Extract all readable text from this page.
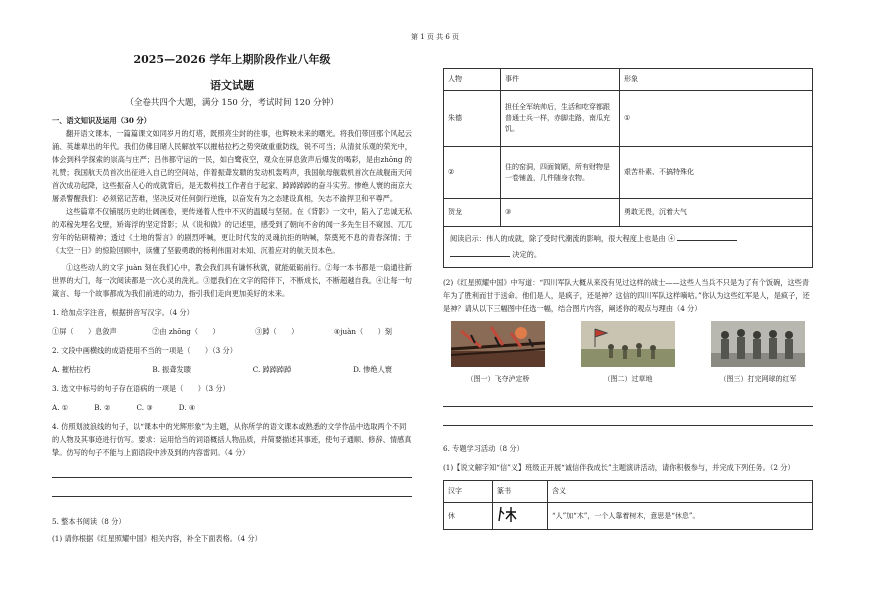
第 1 页 共 6 页
2025—2026 学年上期阶段作业八年级
语文试题
（全卷共四个大题，满分 150 分，考试时间 120 分钟）
一、语文知识及运用（30 分）

翻开语文课本，一篇篇课文如同岁月的灯塔，既照亮尘封的往事，也辉映未来的曙光。将我们带回那个风起云涌、英雄辈出的年代。我们仿佛目睹人民解放军以摧枯拉朽之势突破重重防线，锐不可当；从清贫乐观的荣光中，体会到科学探索的崇高与庄严；吕伟都守运的一民，如白鹭夜空，观众在屏息敛声后爆发的喝彩，是由zhōng 的礼赞；我国航天员首次出征进入自己的空间站，伴着振聋发聩的发动机轰鸣声，我国航母舰载机首次在战舰南天问首次成功起降，这些振奋人心的成就背后，是无数科技工作者自于起家、踔踔踔踔的奋斗实劳。惨绝人寰的南京大屠杀警醒我们：必须铭记苦难，坚决反对任何倒行逆施，以奋发有为之态建设真相，矢志不渝捍卫和平尊严。

这些篇章不仅铺展历史的壮阔画卷，更传递着人性中不灭的温暖与坚韧。在《背影》一文中，陷入了忠诚无私的邓稼先埋名戈壁，矫诲浮的坚定背影；从《说和做》的记述里，感受到了朝向不舍的闻一多先生目不窥园、兀兀穷年的钻研精神；透过《土地的誓言》的剧烈呼喊，更让时代发的灵魂抗拒的呐喊，祭奠死不息的青春深情；于《太空一日》的惊险回顾中，读懂了坚毅勇敢的杨利伟面对未知、沉着应对的航天员本色。

①这些动人的文字 juàn 刻在我们心中，教会我们具有谦怀秋就，就能砥砺前行。②每一本书都是一扇通往新世界的大门，每一次阅读都是一次心灵的洗礼。③愿我们在文字的陪伴下，不断成长，不断超越自我。④让每一句箴言、每一个故事都成为我们前进的动力，指引我们走向更加美好的未来。

1. 给加点字注音，根据拼音写汉字。（4 分）
①屏（　　）息敛声	②由 zhōng（　　）	③踔（　　）	④juàn（　　）刻
2. 文段中画横线的成语使用不当的一项是（　　）（3 分）
A. 摧枯拉朽	B. 振聋发聩	C. 踔踔踔踔	D. 惨绝人寰
3. 选文中标号的句子存在语病的一项是（　　）（3 分）
A. ①	B. ②	C. ③	D. ④
4. 仿照划波浪线的句子，以“课本中的光辉形象”为主题，从你所学的语文课本或熟悉的文学作品中选取两个不同的人物及其事迹进行仿写。要求：运用恰当的词语概括人物品质，并简要描述其事迹，使句子通顺、修辞、情感真挚。仿写的句子不能与上面语段中涉及到的内容雷同。（4 分）
5. 整本书阅读（8 分）
(1) 请你根据《红星照耀中国》相关内容，补全下面表格。（4 分）
人物	事件	形象
朱德	担任全军统帅后，生活和吃穿都跟普通士兵一样，赤脚走路，南瓜充饥。	①
②	住的窑洞，四面简陋，所有财物是一卷铺盖，几件随身衣物。	艰苦朴素、不搞特殊化
贺龙	③	勇敢无畏，沉着大气
阅读启示：伟人的成就，除了受时代潮流的影响，很大程度上也是由 ④
决定的。
(2)《红星照耀中国》中写道：“四川军队大概从来没有见过这样的战士——这些人当兵不只是为了有个饭碗，这些青年为了胜利而甘于送命。他们是人，是疯子，还是神？这信的四川军队这样嘀咕。”你认为这些红军是人，是疯子，还是神？请从以下三幅图中任选一幅，结合图片内容，阐述你的观点与理由（4 分）
（图一）飞夺泸定桥	（图二）过草地	（图三）打完网球的红军
6. 专题学习活动（8 分）
(1)【说文解字知“信”义】班级正开展“诚信伴我成长”主题演讲活动，请你积极参与，并完成下列任务。（2 分）
汉字	篆书	含义
休		“人”加“木”，一个人靠着树木，意思是“休息”。
